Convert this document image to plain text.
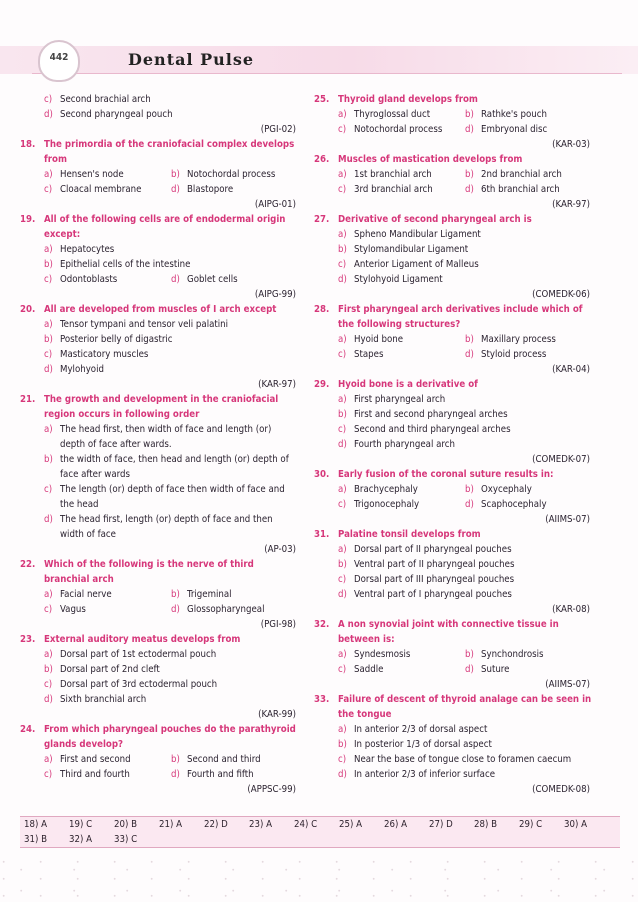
442	Dental Pulse
c) Second brachial arch
d) Second pharyngeal pouch
(PGI-02)
18. The primordia of the craniofacial complex develops from
a) Hensen's node	b) Notochordal process
c) Cloacal membrane	d) Blastopore
(AIPG-01)
19. All of the following cells are of endodermal origin except:
a) Hepatocytes
b) Epithelial cells of the intestine
c) Odontoblasts	d) Goblet cells
(AIPG-99)
20. All are developed from muscles of I arch except
a) Tensor tympani and tensor veli palatini
b) Posterior belly of digastric
c) Masticatory muscles
d) Mylohyoid
(KAR-97)
21. The growth and development in the craniofacial region occurs in following order
a) The head first, then width of face and length (or) depth of face after wards.
b) the width of face, then head and length (or) depth of face after wards
c) The length (or) depth of face then width of face and the head
d) The head first, length (or) depth of face and then width of face
(AP-03)
22. Which of the following is the nerve of third branchial arch
a) Facial nerve	b) Trigeminal
c) Vagus	d) Glossopharyngeal
(PGI-98)
23. External auditory meatus develops from
a) Dorsal part of 1st ectodermal pouch
b) Dorsal part of 2nd cleft
c) Dorsal part of 3rd ectodermal pouch
d) Sixth branchial arch
(KAR-99)
24. From which pharyngeal pouches do the parathyroid glands develop?
a) First and second	b) Second and third
c) Third and fourth	d) Fourth and fifth
(APPSC-99)
25. Thyroid gland develops from
a) Thyroglossal duct	b) Rathke's pouch
c) Notochordal process	d) Embryonal disc
(KAR-03)
26. Muscles of mastication develops from
a) 1st branchial arch	b) 2nd branchial arch
c) 3rd branchial arch	d) 6th branchial arch
(KAR-97)
27. Derivative of second pharyngeal arch is
a) Spheno Mandibular Ligament
b) Stylomandibular Ligament
c) Anterior Ligament of Malleus
d) Stylohyoid Ligament
(COMEDK-06)
28. First pharyngeal arch derivatives include which of the following structures?
a) Hyoid bone	b) Maxillary process
c) Stapes	d) Styloid process
(KAR-04)
29. Hyoid bone is a derivative of
a) First pharyngeal arch
b) First and second pharyngeal arches
c) Second and third pharyngeal arches
d) Fourth pharyngeal arch
(COMEDK-07)
30. Early fusion of the coronal suture results in:
a) Brachycephaly	b) Oxycephaly
c) Trigonocephaly	d) Scaphocephaly
(AIIMS-07)
31. Palatine tonsil develops from
a) Dorsal part of II pharyngeal pouches
b) Ventral part of II pharyngeal pouches
c) Dorsal part of III pharyngeal pouches
d) Ventral part of I pharyngeal pouches
(KAR-08)
32. A non synovial joint with connective tissue in between is:
a) Syndesmosis	b) Synchondrosis
c) Saddle	d) Suture
(AIIMS-07)
33. Failure of descent of thyroid analage can be seen in the tongue
a) In anterior 2/3 of dorsal aspect
b) In posterior 1/3 of dorsal aspect
c) Near the base of tongue close to foramen caecum
d) In anterior 2/3 of inferior surface
(COMEDK-08)
18) A	19) C	20) B	21) A	22) D	23) A	24) C	25) A	26) A	27) D	28) B	29) C	30) A
31) B	32) A	33) C
